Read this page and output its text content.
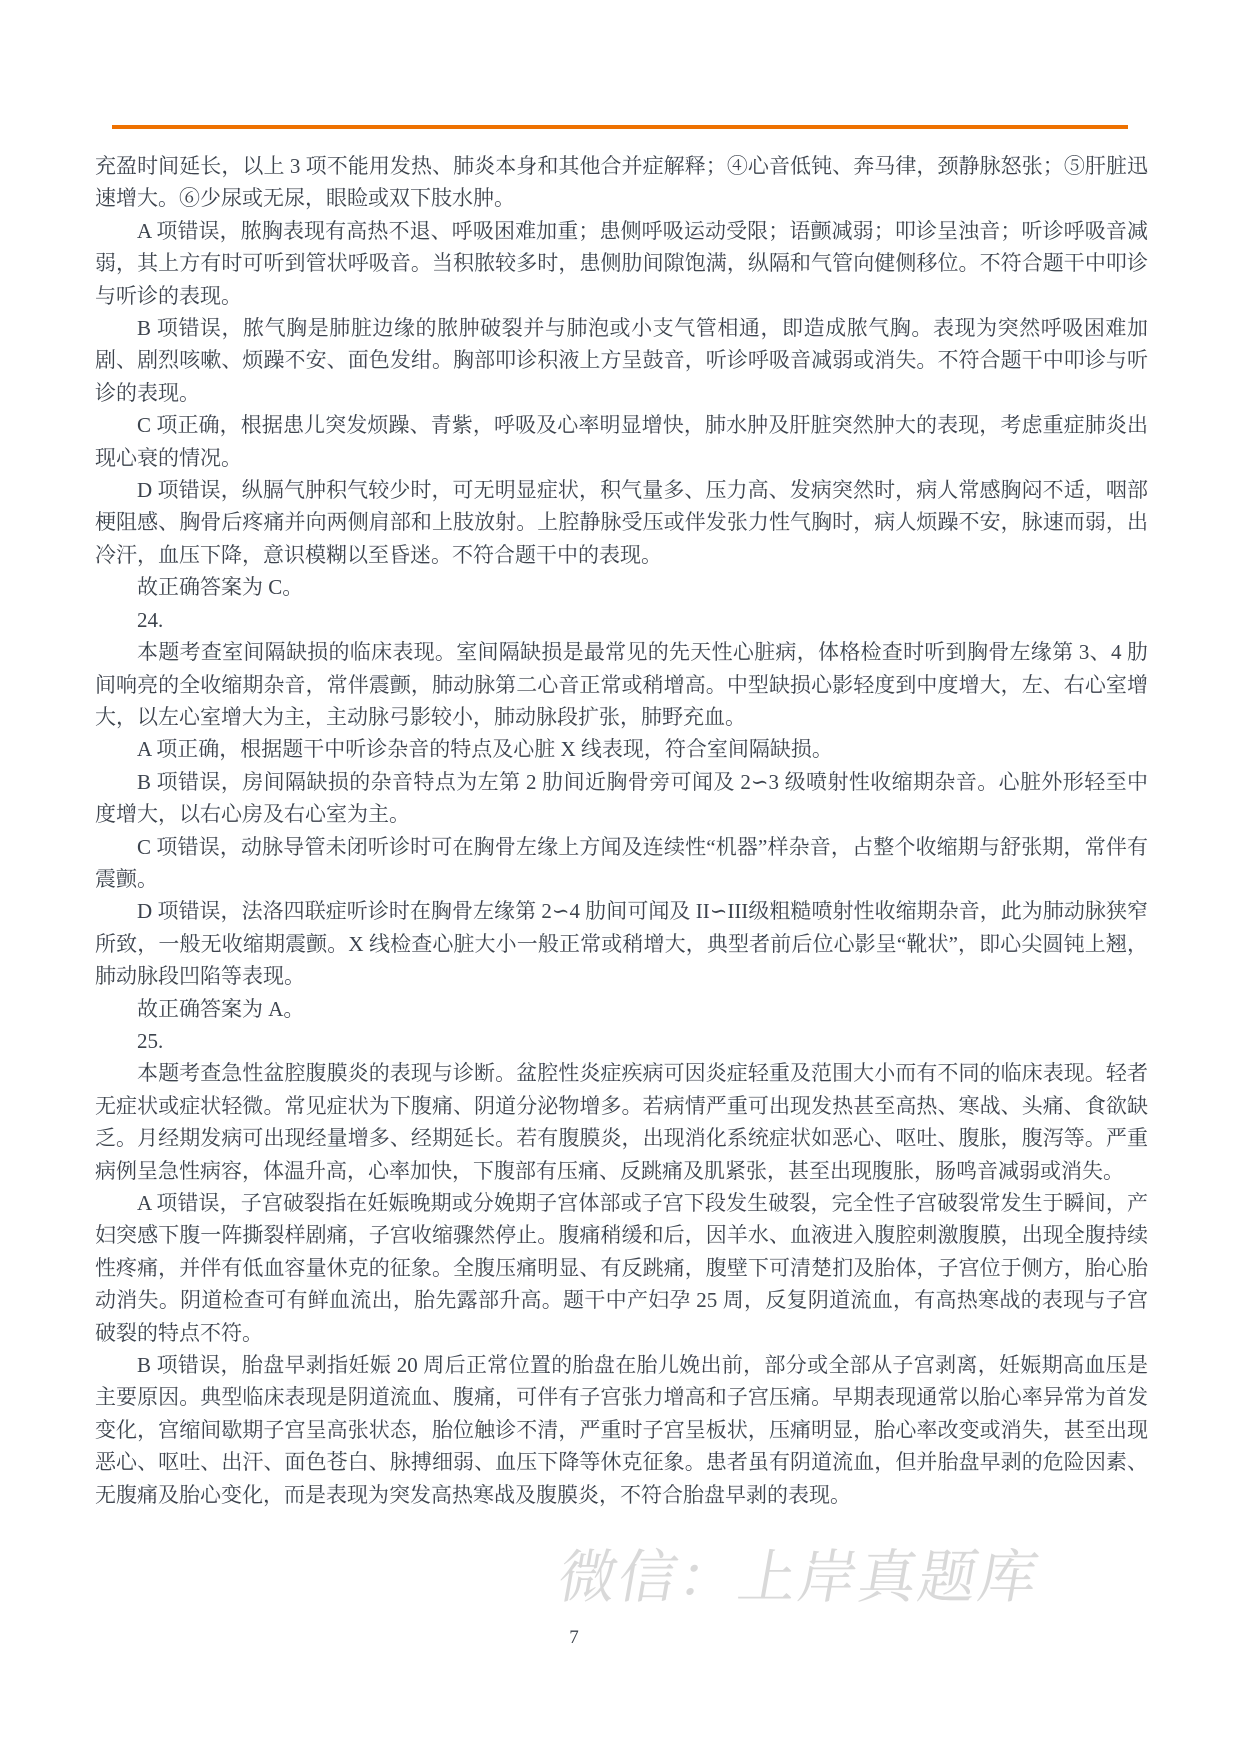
微信：上岸真题库

充盈时间延长，以上 3 项不能用发热、肺炎本身和其他合并症解释；④心音低钝、奔马律，颈静脉怒张；⑤肝脏迅速增大。⑥少尿或无尿，眼睑或双下肢水肿。

A 项错误，脓胸表现有高热不退、呼吸困难加重；患侧呼吸运动受限；语颤减弱；叩诊呈浊音；听诊呼吸音减弱，其上方有时可听到管状呼吸音。当积脓较多时，患侧肋间隙饱满，纵隔和气管向健侧移位。不符合题干中叩诊与听诊的表现。

B 项错误，脓气胸是肺脏边缘的脓肿破裂并与肺泡或小支气管相通，即造成脓气胸。表现为突然呼吸困难加剧、剧烈咳嗽、烦躁不安、面色发绀。胸部叩诊积液上方呈鼓音，听诊呼吸音减弱或消失。不符合题干中叩诊与听诊的表现。

C 项正确，根据患儿突发烦躁、青紫，呼吸及心率明显增快，肺水肿及肝脏突然肿大的表现，考虑重症肺炎出现心衰的情况。

D 项错误，纵膈气肿积气较少时，可无明显症状，积气量多、压力高、发病突然时，病人常感胸闷不适，咽部梗阻感、胸骨后疼痛并向两侧肩部和上肢放射。上腔静脉受压或伴发张力性气胸时，病人烦躁不安，脉速而弱，出冷汗，血压下降，意识模糊以至昏迷。不符合题干中的表现。

故正确答案为 C。

24.

本题考查室间隔缺损的临床表现。室间隔缺损是最常见的先天性心脏病，体格检查时听到胸骨左缘第 3、4 肋间响亮的全收缩期杂音，常伴震颤，肺动脉第二心音正常或稍增高。中型缺损心影轻度到中度增大，左、右心室增大，以左心室增大为主，主动脉弓影较小，肺动脉段扩张，肺野充血。

A 项正确，根据题干中听诊杂音的特点及心脏 X 线表现，符合室间隔缺损。

B 项错误，房间隔缺损的杂音特点为左第 2 肋间近胸骨旁可闻及 2∽3 级喷射性收缩期杂音。心脏外形轻至中度增大，以右心房及右心室为主。

C 项错误，动脉导管未闭听诊时可在胸骨左缘上方闻及连续性“机器”样杂音，占整个收缩期与舒张期，常伴有震颤。

D 项错误，法洛四联症听诊时在胸骨左缘第 2∽4 肋间可闻及 II∽III级粗糙喷射性收缩期杂音，此为肺动脉狭窄所致，一般无收缩期震颤。X 线检查心脏大小一般正常或稍增大，典型者前后位心影呈“靴状”，即心尖圆钝上翘，肺动脉段凹陷等表现。

故正确答案为 A。

25.

本题考查急性盆腔腹膜炎的表现与诊断。盆腔性炎症疾病可因炎症轻重及范围大小而有不同的临床表现。轻者无症状或症状轻微。常见症状为下腹痛、阴道分泌物增多。若病情严重可出现发热甚至高热、寒战、头痛、食欲缺乏。月经期发病可出现经量增多、经期延长。若有腹膜炎，出现消化系统症状如恶心、呕吐、腹胀，腹泻等。严重病例呈急性病容，体温升高，心率加快，下腹部有压痛、反跳痛及肌紧张，甚至出现腹胀，肠鸣音减弱或消失。

A 项错误，子宫破裂指在妊娠晚期或分娩期子宫体部或子宫下段发生破裂，完全性子宫破裂常发生于瞬间，产妇突感下腹一阵撕裂样剧痛，子宫收缩骤然停止。腹痛稍缓和后，因羊水、血液进入腹腔刺激腹膜，出现全腹持续性疼痛，并伴有低血容量休克的征象。全腹压痛明显、有反跳痛，腹壁下可清楚扪及胎体，子宫位于侧方，胎心胎动消失。阴道检查可有鲜血流出，胎先露部升高。题干中产妇孕 25 周，反复阴道流血，有高热寒战的表现与子宫破裂的特点不符。

B 项错误，胎盘早剥指妊娠 20 周后正常位置的胎盘在胎儿娩出前，部分或全部从子宫剥离，妊娠期高血压是主要原因。典型临床表现是阴道流血、腹痛，可伴有子宫张力增高和子宫压痛。早期表现通常以胎心率异常为首发变化，宫缩间歇期子宫呈高张状态，胎位触诊不清，严重时子宫呈板状，压痛明显，胎心率改变或消失，甚至出现恶心、呕吐、出汗、面色苍白、脉搏细弱、血压下降等休克征象。患者虽有阴道流血，但并胎盘早剥的危险因素、无腹痛及胎心变化，而是表现为突发高热寒战及腹膜炎，不符合胎盘早剥的表现。

7
